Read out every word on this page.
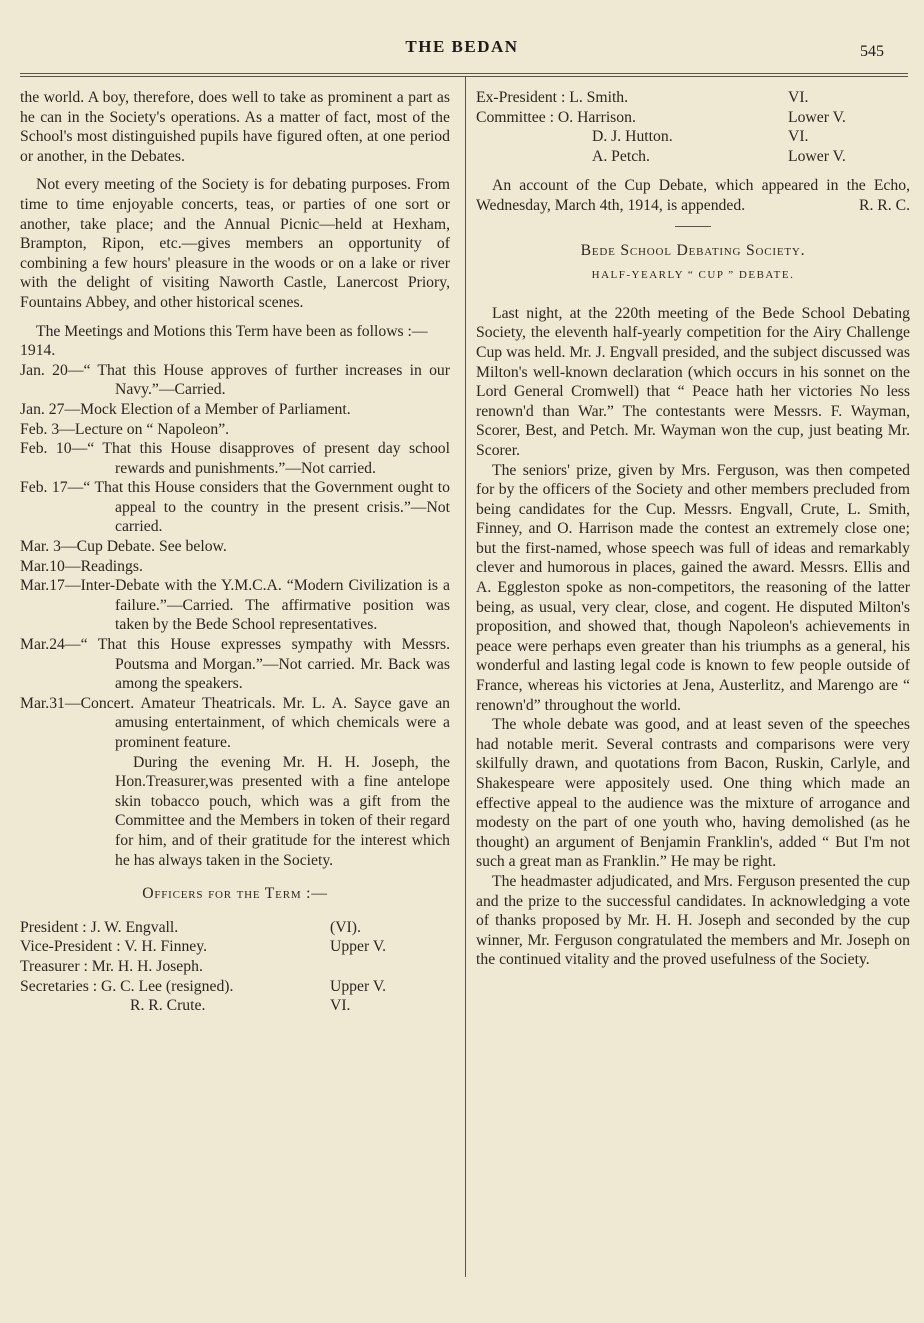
THE BEDAN	545

the world. A boy, therefore, does well to take as prominent a part as he can in the Society's operations. As a matter of fact, most of the School's most distinguished pupils have figured often, at one period or another, in the Debates.

Not every meeting of the Society is for debating purposes. From time to time enjoyable concerts, teas, or parties of one sort or another, take place; and the Annual Picnic—held at Hexham, Brampton, Ripon, etc.—gives members an opportunity of combining a few hours' pleasure in the woods or on a lake or river with the delight of visiting Naworth Castle, Lanercost Priory, Fountains Abbey, and other historical scenes.

The Meetings and Motions this Term have been as follows :—

1914.

Jan. 20—“ That this House approves of further increases in our Navy.”—Carried.

Jan. 27—Mock Election of a Member of Parliament.

Feb. 3—Lecture on “ Napoleon”.

Feb. 10—“ That this House disapproves of present day school rewards and punishments.”—Not carried.

Feb. 17—“ That this House considers that the Government ought to appeal to the country in the present crisis.”—Not carried.

Mar. 3—Cup Debate. See below.

Mar.10—Readings.

Mar.17—Inter-Debate with the Y.M.C.A. “Modern Civilization is a failure.”—Carried. The affirmative position was taken by the Bede School representatives.

Mar.24—“ That this House expresses sympathy with Messrs. Poutsma and Morgan.”—Not carried. Mr. Back was among the speakers.

Mar.31—Concert. Amateur Theatricals. Mr. L. A. Sayce gave an amusing entertainment, of which chemicals were a prominent feature.

During the evening Mr. H. H. Joseph, the Hon.Treasurer,was presented with a fine antelope skin tobacco pouch, which was a gift from the Committee and the Members in token of their regard for him, and of their gratitude for the interest which he has always taken in the Society.

Officers for the Term :—

President : J. W. Engvall.	(VI).
Vice-President : V. H. Finney.	Upper V.
Treasurer : Mr. H. H. Joseph.
Secretaries : G. C. Lee (resigned).	Upper V.
R. R. Crute.	VI.
Ex-President : L. Smith.	VI.
Committee : O. Harrison.	Lower V.
D. J. Hutton.	VI.
A. Petch.	Lower V.

An account of the Cup Debate, which appeared in the Echo, Wednesday, March 4th, 1914, is appended.	R. R. C.

Bede School Debating Society.

HALF-YEARLY “ CUP ” DEBATE.

Last night, at the 220th meeting of the Bede School Debating Society, the eleventh half-yearly competition for the Airy Challenge Cup was held. Mr. J. Engvall presided, and the subject discussed was Milton's well-known declaration (which occurs in his sonnet on the Lord General Cromwell) that “ Peace hath her victories No less renown'd than War.” The contestants were Messrs. F. Wayman, Scorer, Best, and Petch. Mr. Wayman won the cup, just beating Mr. Scorer.

The seniors' prize, given by Mrs. Ferguson, was then competed for by the officers of the Society and other members precluded from being candidates for the Cup. Messrs. Engvall, Crute, L. Smith, Finney, and O. Harrison made the contest an extremely close one; but the first-named, whose speech was full of ideas and remarkably clever and humorous in places, gained the award. Messrs. Ellis and A. Eggleston spoke as non-competitors, the reasoning of the latter being, as usual, very clear, close, and cogent. He disputed Milton's proposition, and showed that, though Napoleon's achievements in peace were perhaps even greater than his triumphs as a general, his wonderful and lasting legal code is known to few people outside of France, whereas his victories at Jena, Austerlitz, and Marengo are “ renown'd” throughout the world.

The whole debate was good, and at least seven of the speeches had notable merit. Several contrasts and comparisons were very skilfully drawn, and quotations from Bacon, Ruskin, Carlyle, and Shakespeare were appositely used. One thing which made an effective appeal to the audience was the mixture of arrogance and modesty on the part of one youth who, having demolished (as he thought) an argument of Benjamin Franklin's, added “ But I'm not such a great man as Franklin.” He may be right.

The headmaster adjudicated, and Mrs. Ferguson presented the cup and the prize to the successful candidates. In acknowledging a vote of thanks proposed by Mr. H. H. Joseph and seconded by the cup winner, Mr. Ferguson congratulated the members and Mr. Joseph on the continued vitality and the proved usefulness of the Society.
